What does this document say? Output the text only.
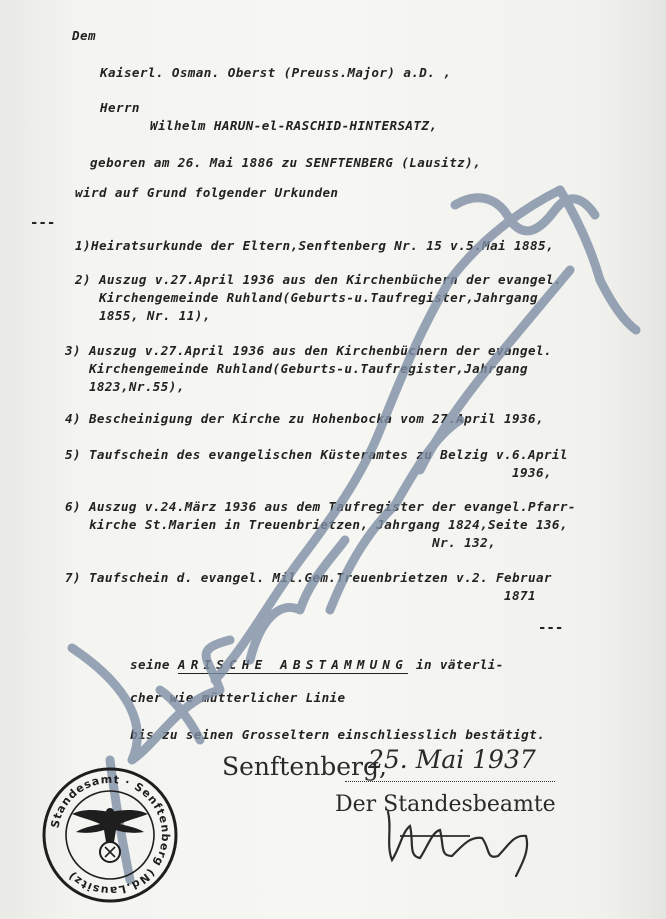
Dem
Kaiserl. Osman. Oberst (Preuss.Major) a.D. ,
Herrn
Wilhelm HARUN-el-RASCHID-HINTERSATZ,
geboren am 26. Mai 1886 zu SENFTENBERG (Lausitz),
wird auf Grund folgender Urkunden
---
1)Heiratsurkunde der Eltern,Senftenberg Nr. 15 v.5.Mai 1885,
2) Auszug v.27.April 1936 aus den Kirchenbüchern der evangel.
Kirchengemeinde Ruhland(Geburts-u.Taufregister,Jahrgang
1855, Nr. 11),
3) Auszug v.27.April 1936 aus den Kirchenbüchern der evangel.
Kirchengemeinde Ruhland(Geburts-u.Taufregister,Jahrgang
1823,Nr.55),
4) Bescheinigung der Kirche zu Hohenbocka vom 27.April 1936,
5) Taufschein des evangelischen Küsteramtes zu Belzig v.6.April
1936,
6) Auszug v.24.März 1936 aus dem Taufregister der evangel.Pfarr-
kirche St.Marien in Treuenbrietzen, Jahrgang 1824,Seite 136,
Nr. 132,
7) Taufschein d. evangel. Mil.Gem.Treuenbrietzen v.2. Februar
1871
---
seine ARISCHE ABSTAMMUNG in väterli-
cher wie mütterlicher Linie
bis zu seinen Grosseltern einschliesslich bestätigt.
Senftenberg,
25. Mai 1937
Der Standesbeamte
Standesamt · Senftenberg (Nd.Lausitz)
